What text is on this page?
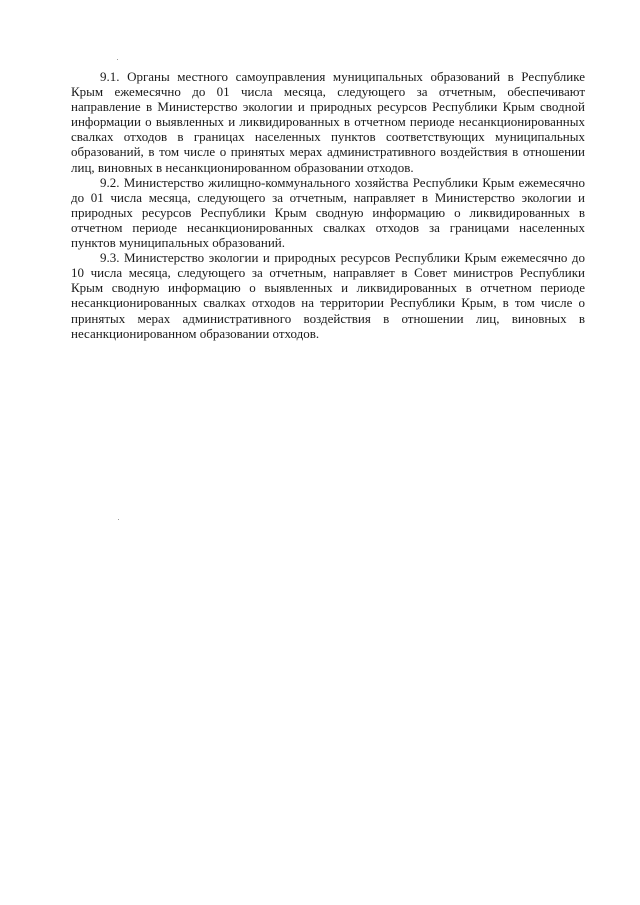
9.1. Органы местного самоуправления муниципальных образований в Республике Крым ежемесячно до 01 числа месяца, следующего за отчетным, обеспечивают направление в Министерство экологии и природных ресурсов Республики Крым сводной информации о выявленных и ликвидированных в отчетном периоде несанкционированных свалках отходов в границах населенных пунктов соответствующих муниципальных образований, в том числе о принятых мерах административного воздействия в отношении лиц, виновных в несанкционированном образовании отходов.

9.2. Министерство жилищно-коммунального хозяйства Республики Крым ежемесячно до 01 числа месяца, следующего за отчетным, направляет в Министерство экологии и природных ресурсов Республики Крым сводную информацию о ликвидированных в отчетном периоде несанкционированных свалках отходов за границами населенных пунктов муниципальных образований.

9.3. Министерство экологии и природных ресурсов Республики Крым ежемесячно до 10 числа месяца, следующего за отчетным, направляет в Совет министров Республики Крым сводную информацию о выявленных и ликвидированных в отчетном периоде несанкционированных свалках отходов на территории Республики Крым, в том числе о принятых мерах административного воздействия в отношении лиц, виновных в несанкционированном образовании отходов.
